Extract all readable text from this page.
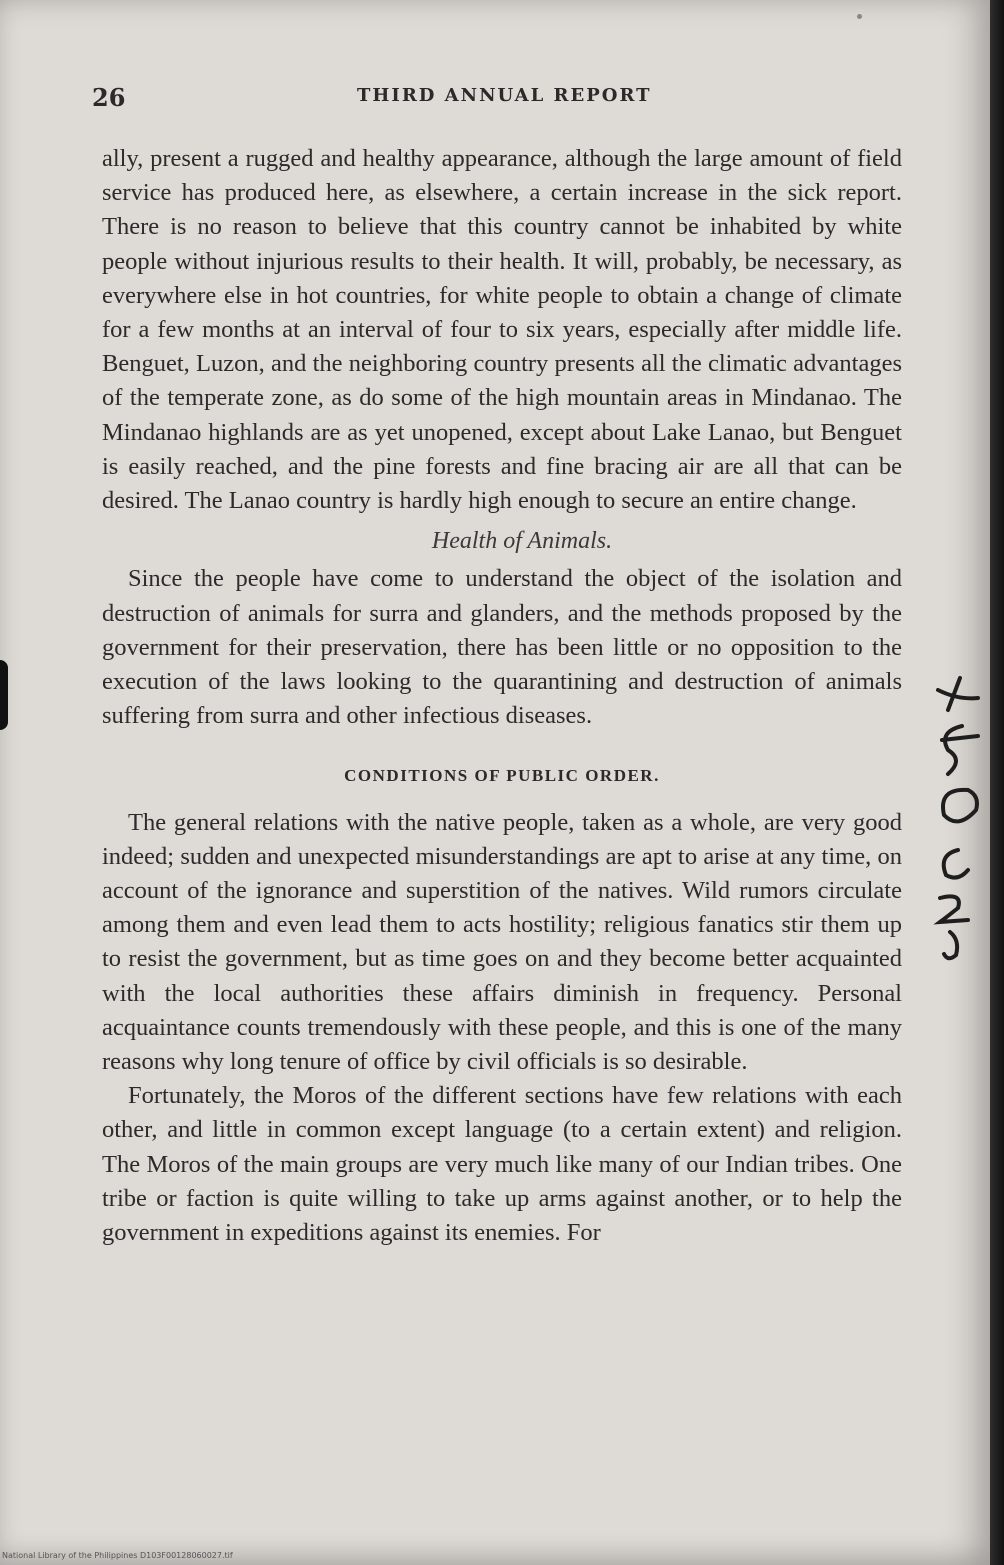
26	THIRD ANNUAL REPORT

ally, present a rugged and healthy appearance, although the large amount of field service has produced here, as elsewhere, a certain increase in the sick report. There is no reason to believe that this country cannot be inhabited by white people without injurious results to their health. It will, probably, be necessary, as everywhere else in hot countries, for white people to obtain a change of climate for a few months at an interval of four to six years, especially after middle life. Benguet, Luzon, and the neighboring country presents all the climatic advantages of the temperate zone, as do some of the high mountain areas in Mindanao. The Mindanao highlands are as yet unopened, except about Lake Lanao, but Benguet is easily reached, and the pine forests and fine bracing air are all that can be desired. The Lanao country is hardly high enough to secure an entire change.

Health of Animals.

Since the people have come to understand the object of the isolation and destruction of animals for surra and glanders, and the methods proposed by the government for their preservation, there has been little or no opposition to the execution of the laws looking to the quarantining and destruction of animals suffering from surra and other infectious diseases.

CONDITIONS OF PUBLIC ORDER.

The general relations with the native people, taken as a whole, are very good indeed; sudden and unexpected misunderstandings are apt to arise at any time, on account of the ignorance and superstition of the natives. Wild rumors circulate among them and even lead them to acts hostility; religious fanatics stir them up to resist the government, but as time goes on and they become better acquainted with the local authorities these affairs diminish in frequency. Personal acquaintance counts tremendously with these people, and this is one of the many reasons why long tenure of office by civil officials is so desirable.

Fortunately, the Moros of the different sections have few relations with each other, and little in common except language (to a certain extent) and religion. The Moros of the main groups are very much like many of our Indian tribes. One tribe or faction is quite willing to take up arms against another, or to help the government in expeditions against its enemies. For

National Library of the Philippines D103F00128060027.tif
